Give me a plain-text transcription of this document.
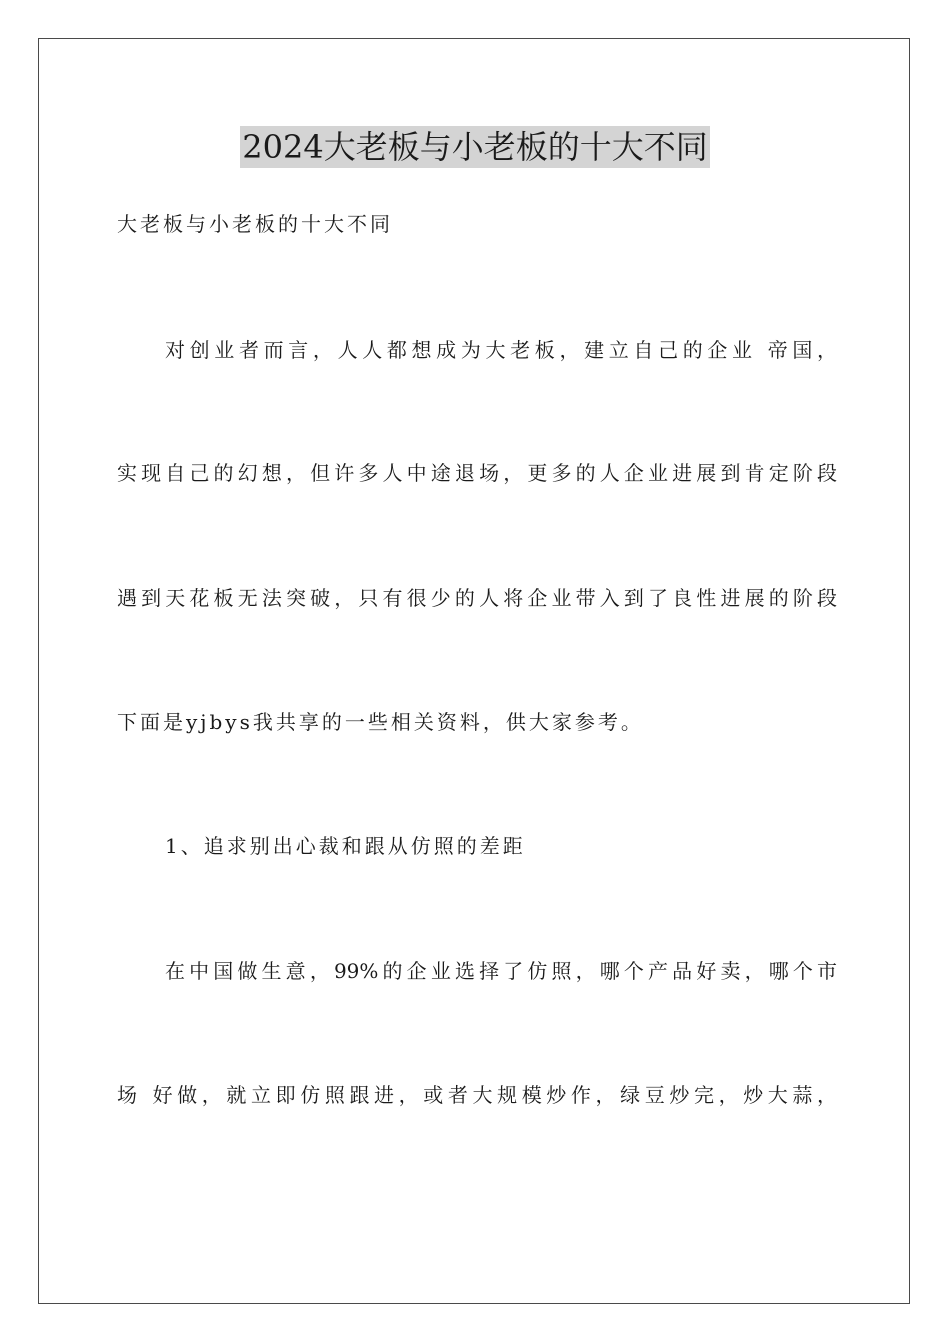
2024大老板与小老板的十大不同
大老板与小老板的十大不同
对创业者而言，人人都想成为大老板，建立自己的企业 帝国，
实现自己的幻想，但许多人中途退场，更多的人企业进展到肯定阶段
遇到天花板无法突破，只有很少的人将企业带入到了良性进展的阶段
下面是yjbys我共享的一些相关资料，供大家参考。
1、追求别出心裁和跟从仿照的差距
在中国做生意，99%的企业选择了仿照，哪个产品好卖，哪个市
场 好做，就立即仿照跟进，或者大规模炒作，绿豆炒完，炒大蒜，
